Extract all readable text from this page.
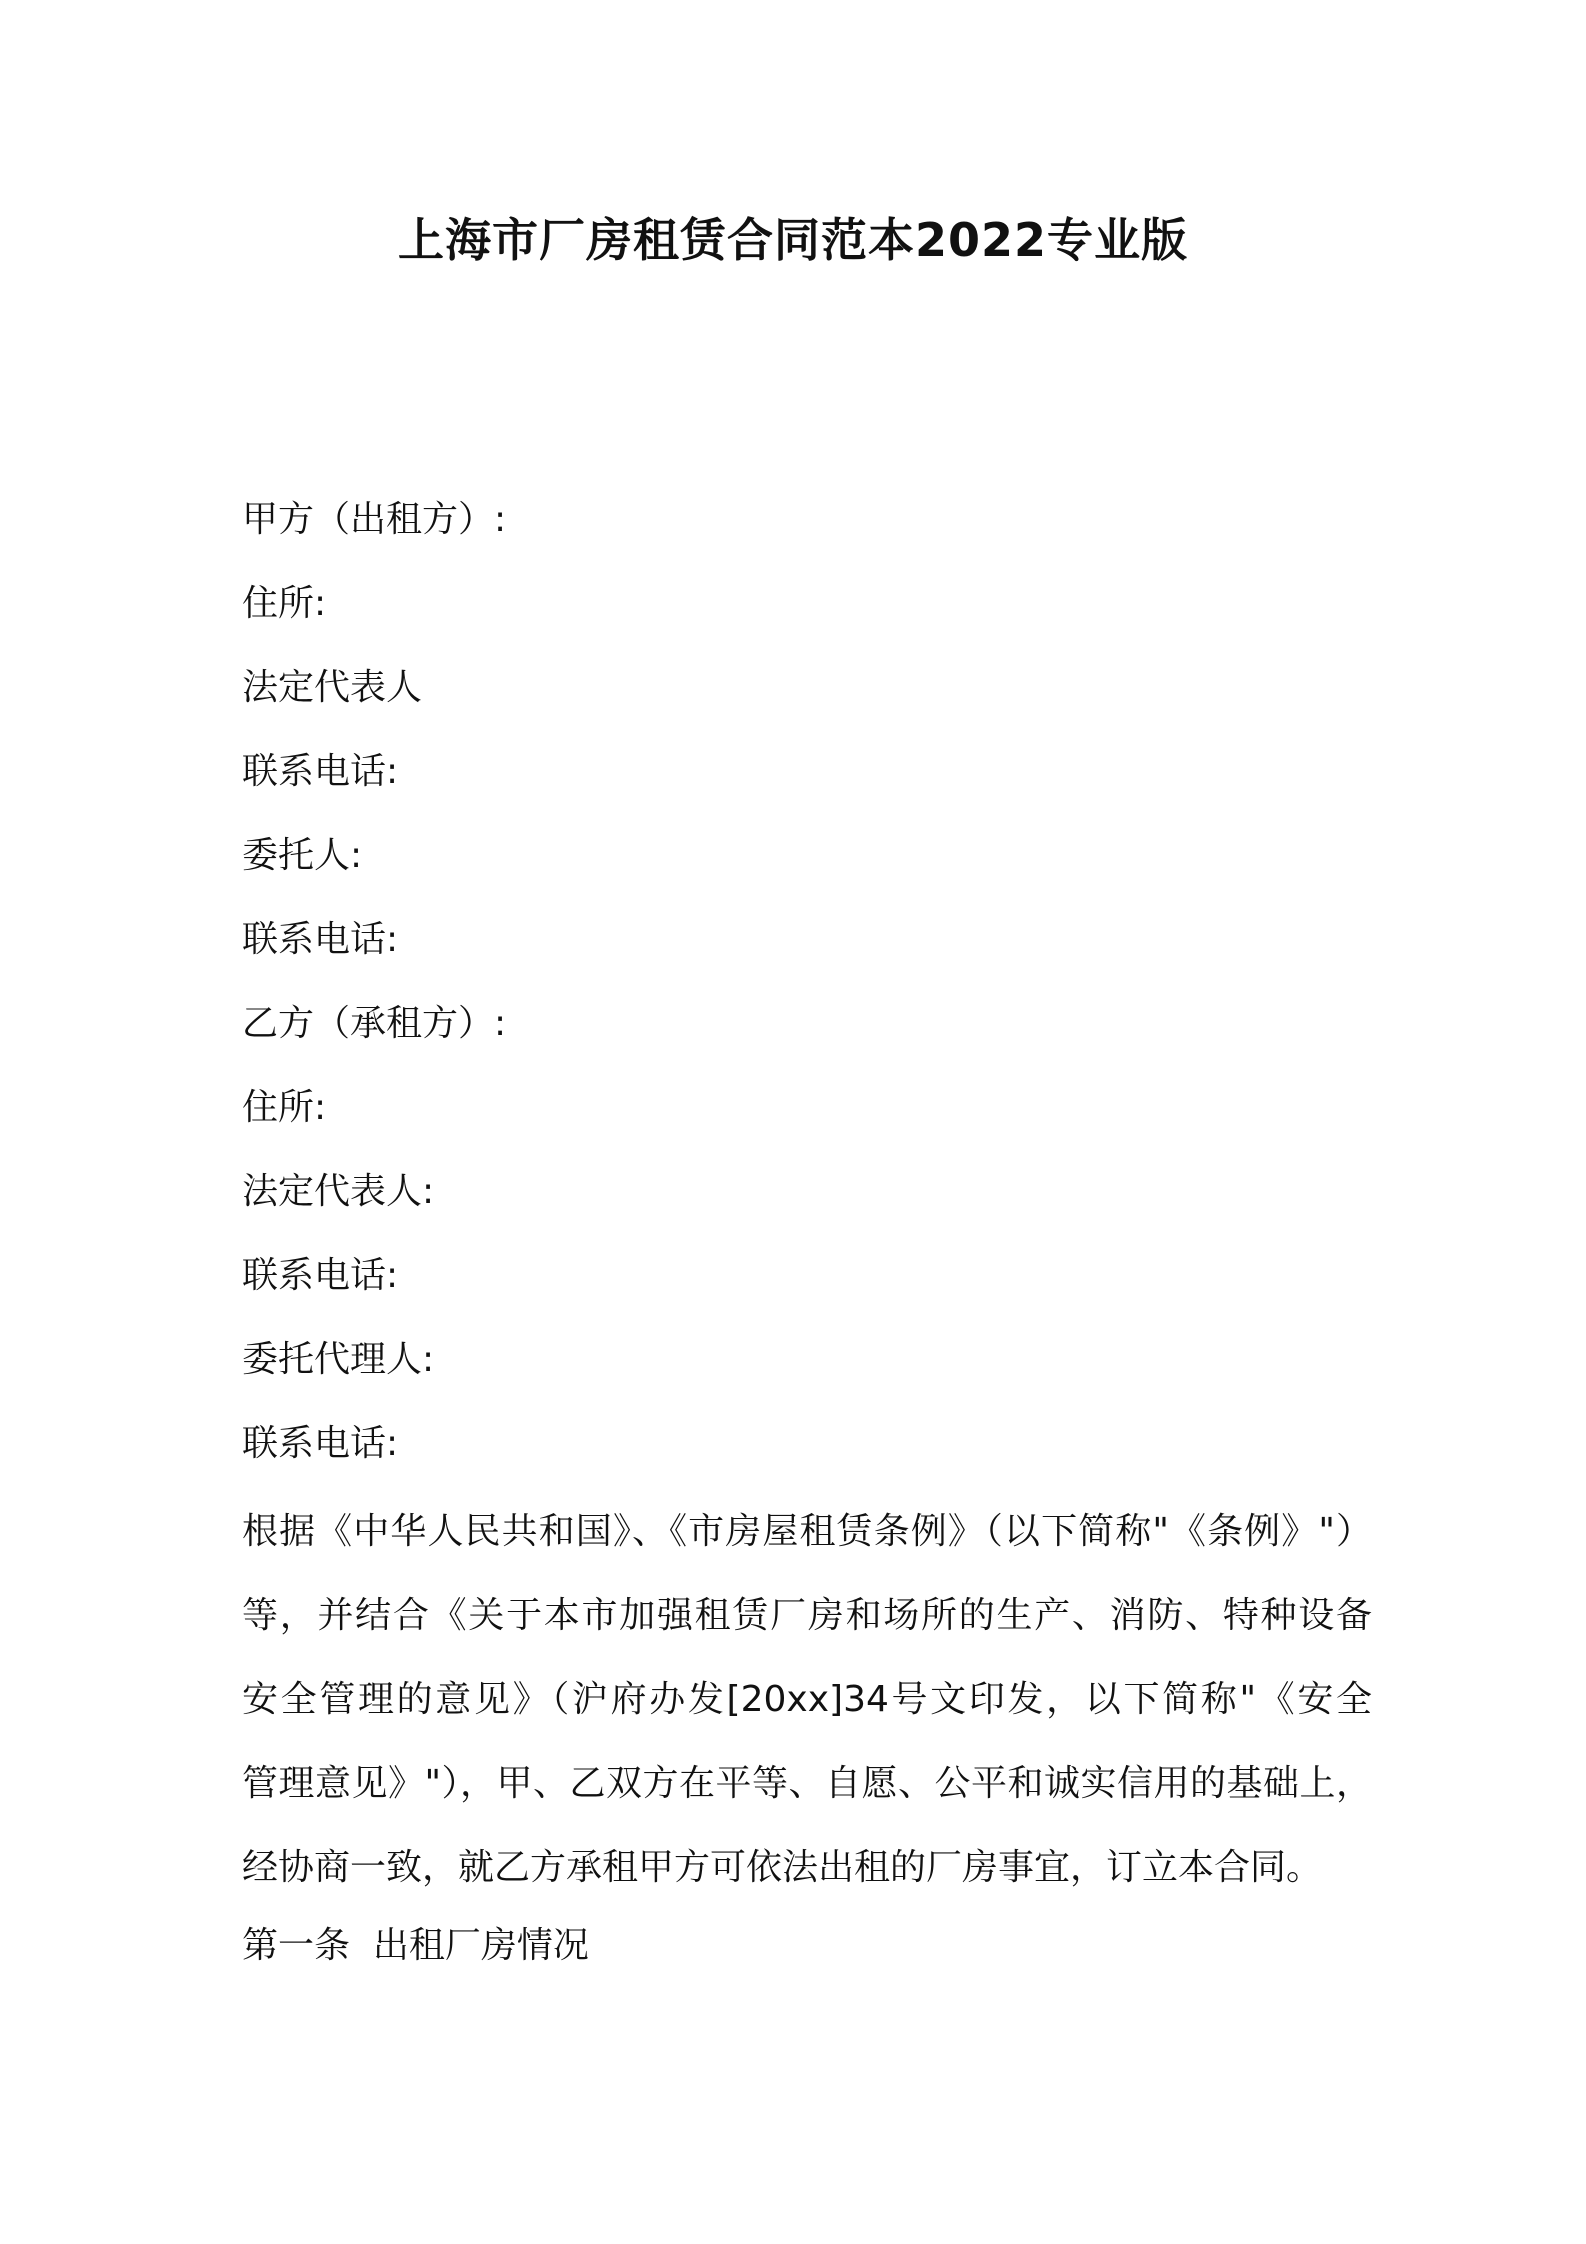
上海市厂房租赁合同范本2022专业版
甲方（出租方）:
住所:
法定代表人
联系电话:
委托人:
联系电话:
乙方（承租方）:
住所:
法定代表人:
联系电话:
委托代理人:
联系电话:
根据《中华人民共和国》、《市房屋租赁条例》（以下简称"《条例》"）
等，并结合《关于本市加强租赁厂房和场所的生产、消防、特种设备
安全管理的意见》（沪府办发[20xx]34号文印发，以下简称"《安全
管理意见》"），甲、乙双方在平等、自愿、公平和诚实信用的基础上，
经协商一致，就乙方承租甲方可依法出租的厂房事宜，订立本合同。
第一条  出租厂房情况
